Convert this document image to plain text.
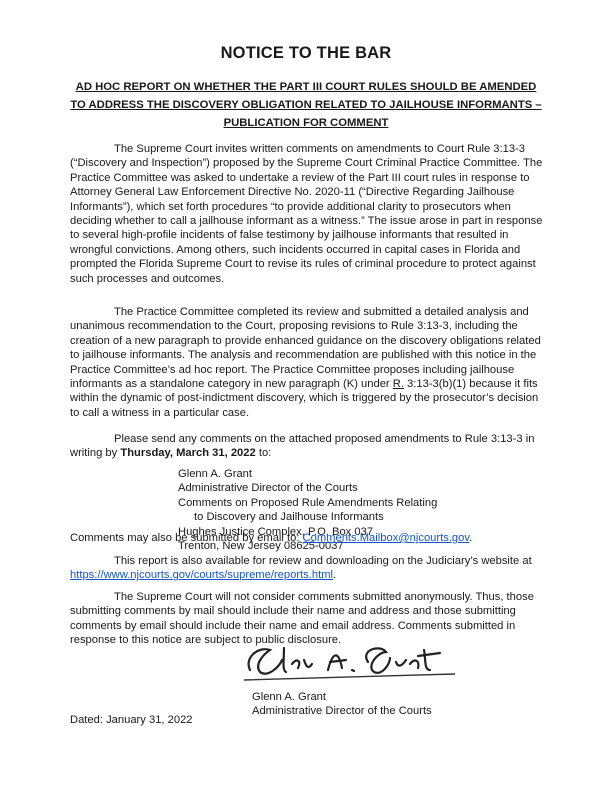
NOTICE TO THE BAR
AD HOC REPORT ON WHETHER THE PART III COURT RULES SHOULD BE AMENDED
TO ADDRESS THE DISCOVERY OBLIGATION RELATED TO JAILHOUSE INFORMANTS –
PUBLICATION FOR COMMENT

The Supreme Court invites written comments on amendments to Court Rule 3:13-3 (“Discovery and Inspection”) proposed by the Supreme Court Criminal Practice Committee. The Practice Committee was asked to undertake a review of the Part III court rules in response to Attorney General Law Enforcement Directive No. 2020-11 (“Directive Regarding Jailhouse Informants”), which set forth procedures “to provide additional clarity to prosecutors when deciding whether to call a jailhouse informant as a witness.” The issue arose in part in response to several high-profile incidents of false testimony by jailhouse informants that resulted in wrongful convictions. Among others, such incidents occurred in capital cases in Florida and prompted the Florida Supreme Court to revise its rules of criminal procedure to protect against such processes and outcomes.

The Practice Committee completed its review and submitted a detailed analysis and unanimous recommendation to the Court, proposing revisions to Rule 3:13-3, including the creation of a new paragraph to provide enhanced guidance on the discovery obligations related to jailhouse informants. The analysis and recommendation are published with this notice in the Practice Committee’s ad hoc report. The Practice Committee proposes including jailhouse informants as a standalone category in new paragraph (K) under R. 3:13-3(b)(1) because it fits within the dynamic of post-indictment discovery, which is triggered by the prosecutor’s decision to call a witness in a particular case.

Please send any comments on the attached proposed amendments to Rule 3:13-3 in writing by Thursday, March 31, 2022 to:

Glenn A. Grant
Administrative Director of the Courts
Comments on Proposed Rule Amendments Relating
to Discovery and Jailhouse Informants
Hughes Justice Complex, P.O. Box 037
Trenton, New Jersey 08625-0037
Comments may also be submitted by email to: Comments.Mailbox@njcourts.gov.

This report is also available for review and downloading on the Judiciary’s website at https://www.njcourts.gov/courts/supreme/reports.html.

The Supreme Court will not consider comments submitted anonymously. Thus, those submitting comments by mail should include their name and address and those submitting comments by email should include their name and email address. Comments submitted in response to this notice are subject to public disclosure.

Glenn A. Grant
Administrative Director of the Courts
Dated: January 31, 2022
